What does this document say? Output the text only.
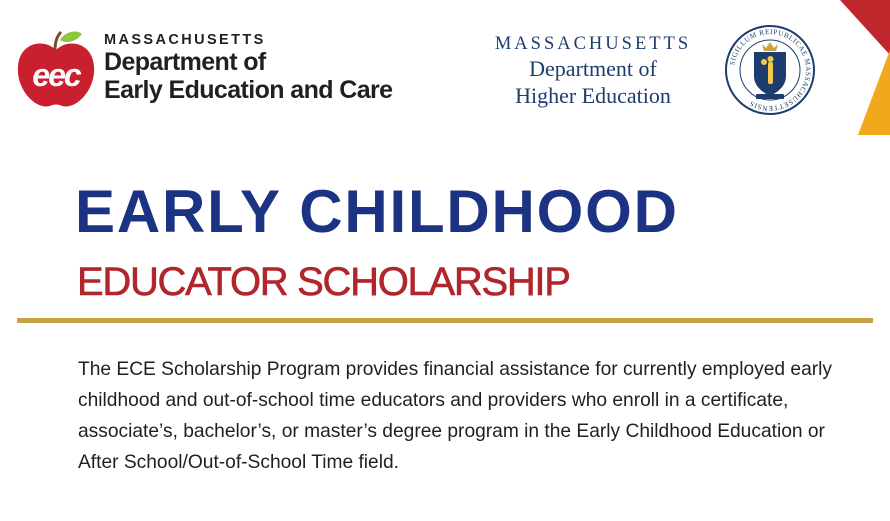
eec
MASSACHUSETTS
Department of
Early Education and Care
MASSACHUSETTS
Department of
Higher Education
SIGILLUM REIPUBLICAE MASSACHUSETTENSIS
EARLY CHILDHOOD
EDUCATOR SCHOLARSHIP
The ECE Scholarship Program provides financial assistance for currently employed early childhood and out-of-school time educators and providers who enroll in a certificate, associate’s, bachelor’s, or master’s degree program in the Early Childhood Education or After School/Out-of-School Time field.
